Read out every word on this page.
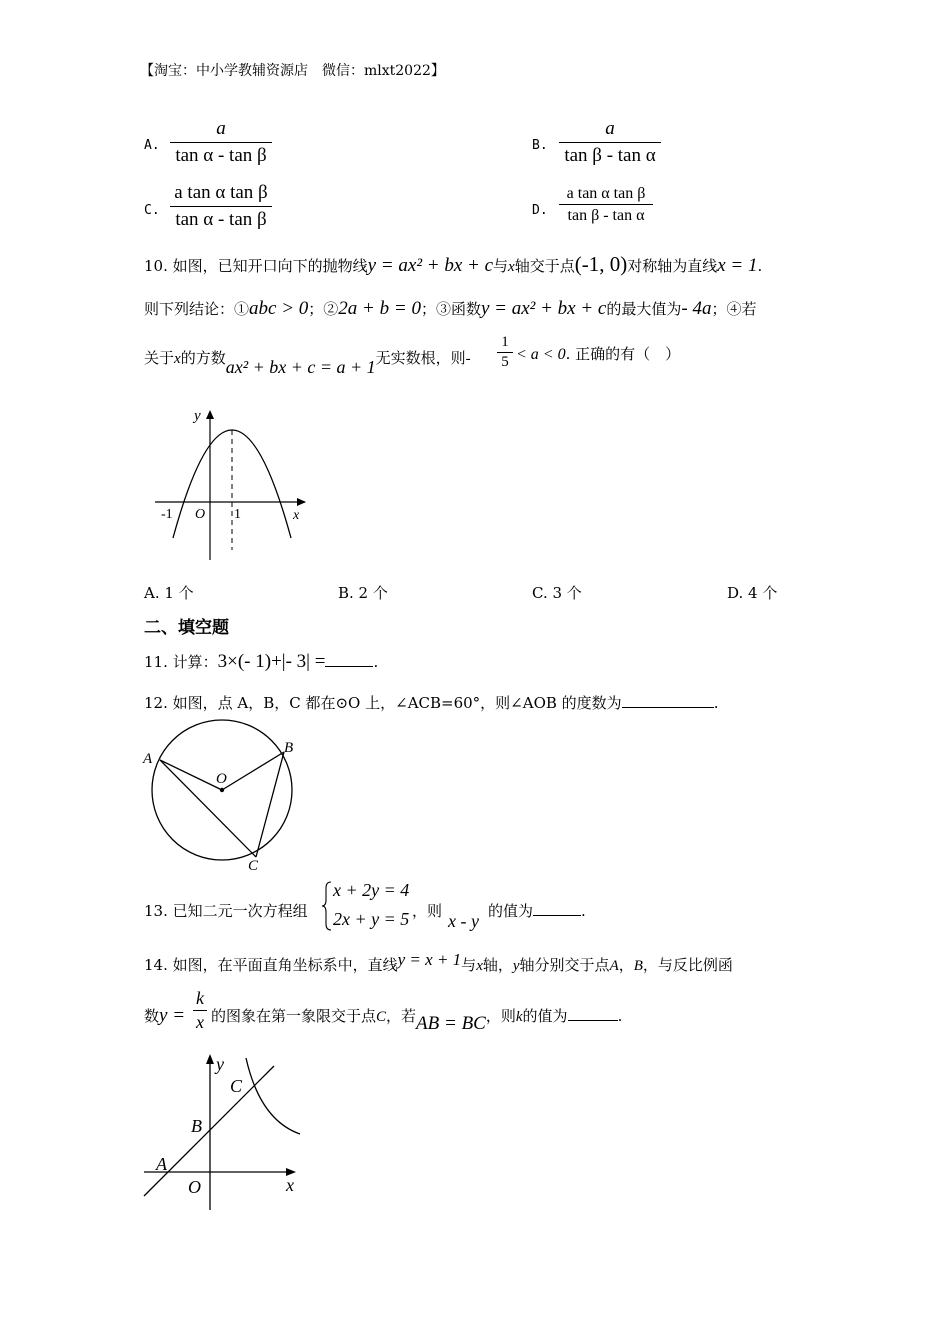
【淘宝：中小学教辅资源店　微信：mlxt2022】
A.
a
tan α - tan β	B.
a
tan β - tan α
C.
a tan α tan β
tan α - tan β	D.
a tan α tan β
tan β - tan α
10. 如图，已知开口向下的抛物线y = ax² + bx + c与x轴交于点(-1, 0)对称轴为直线x = 1.
则下列结论：①abc > 0；②2a + b = 0；③函数y = ax² + bx + c的最大值为- 4a；④若
关于x的方数ax² + bx + c = a + 1无实数根，则-
1
5 < a < 0. 正确的有（　）
y
x
-1 O 1
A. 1 个	B. 2 个	C. 3 个	D. 4 个
二、填空题
11. 计算：3×(- 1)+|- 3| =	.
12. 如图，点 A，B，C 都在⊙O 上，∠ACB=60°，则∠AOB 的度数为	.
A
B
C
O
13. 已知二元一次方程组
x + 2y = 4
2x + y = 5 ，则 x - y 的值为	.
14. 如图，在平面直角坐标系中，直线y = x + 1与x轴，y轴分别交于点A，B，与反比例函
数y =
k
x 的图象在第一象限交于点C，若AB = BC，则k的值为	.
y
x
O
A
B
C
